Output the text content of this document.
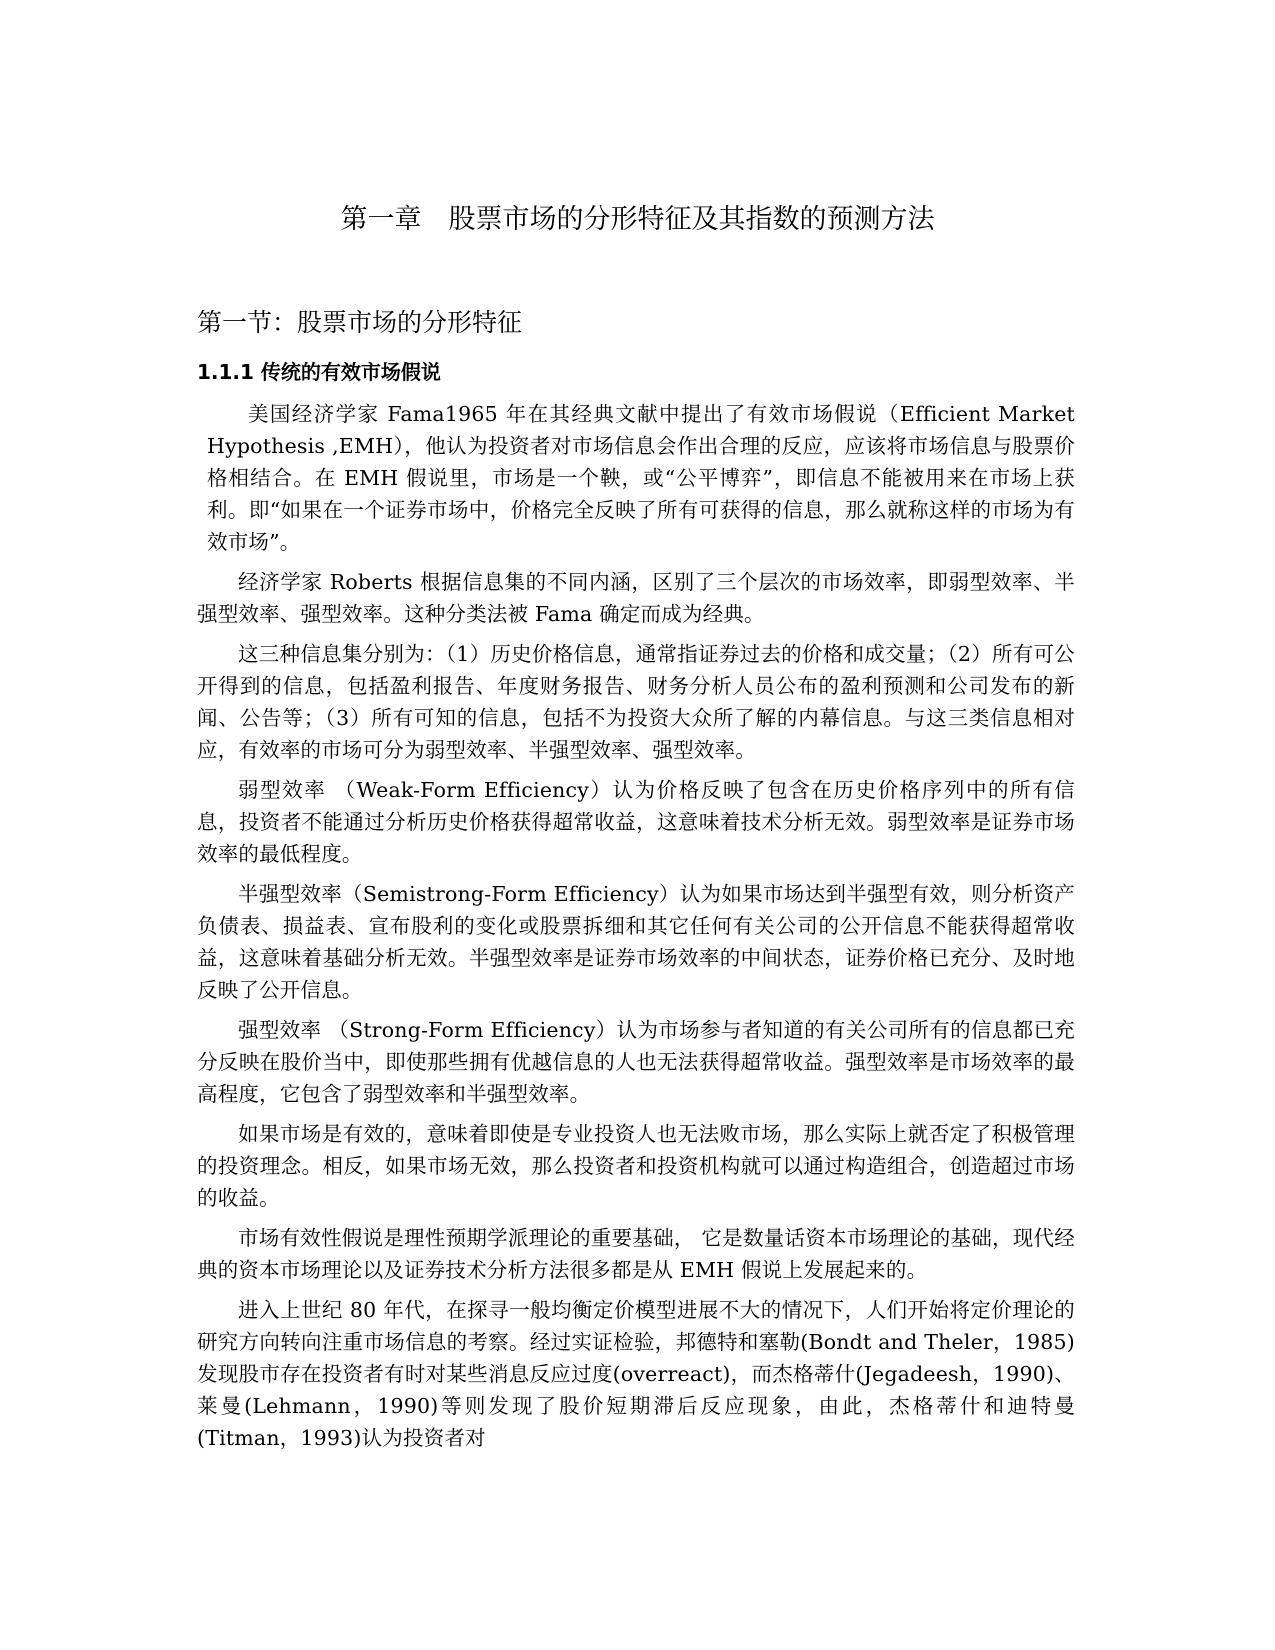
第一章　股票市场的分形特征及其指数的预测方法
第一节：股票市场的分形特征
1.1.1 传统的有效市场假说

美国经济学家 Fama1965 年在其经典文献中提出了有效市场假说（Efficient Market Hypothesis ,EMH），他认为投资者对市场信息会作出合理的反应，应该将市场信息与股票价格相结合。在 EMH 假说里，市场是一个鞅，或“公平博弈”，即信息不能被用来在市场上获利。即“如果在一个证券市场中，价格完全反映了所有可获得的信息，那么就称这样的市场为有效市场”。

经济学家 Roberts 根据信息集的不同内涵，区别了三个层次的市场效率，即弱型效率、半强型效率、强型效率。这种分类法被 Fama 确定而成为经典。

这三种信息集分别为：（1）历史价格信息，通常指证券过去的价格和成交量；（2）所有可公开得到的信息，包括盈利报告、年度财务报告、财务分析人员公布的盈利预测和公司发布的新闻、公告等；（3）所有可知的信息，包括不为投资大众所了解的内幕信息。与这三类信息相对应，有效率的市场可分为弱型效率、半强型效率、强型效率。

弱型效率 （Weak-Form Efficiency）认为价格反映了包含在历史价格序列中的所有信息，投资者不能通过分析历史价格获得超常收益，这意味着技术分析无效。弱型效率是证券市场效率的最低程度。

半强型效率（Semistrong-Form Efficiency）认为如果市场达到半强型有效，则分析资产负债表、损益表、宣布股利的变化或股票拆细和其它任何有关公司的公开信息不能获得超常收益，这意味着基础分析无效。半强型效率是证券市场效率的中间状态，证券价格已充分、及时地反映了公开信息。

强型效率 （Strong-Form Efficiency）认为市场参与者知道的有关公司所有的信息都已充分反映在股价当中，即使那些拥有优越信息的人也无法获得超常收益。强型效率是市场效率的最高程度，它包含了弱型效率和半强型效率。

如果市场是有效的，意味着即使是专业投资人也无法败市场，那么实际上就否定了积极管理的投资理念。相反，如果市场无效，那么投资者和投资机构就可以通过构造组合，创造超过市场的收益。

市场有效性假说是理性预期学派理论的重要基础， 它是数量话资本市场理论的基础，现代经典的资本市场理论以及证券技术分析方法很多都是从 EMH 假说上发展起来的。

进入上世纪 80 年代，在探寻一般均衡定价模型进展不大的情况下，人们开始将定价理论的研究方向转向注重市场信息的考察。经过实证检验，邦德特和塞勒(Bondt and Theler，1985)发现股市存在投资者有时对某些消息反应过度(overreact)，而杰格蒂什(Jegadeesh，1990)、莱曼(Lehmann，1990)等则发现了股价短期滞后反应现象，由此，杰格蒂什和迪特曼(Titman，1993)认为投资者对
